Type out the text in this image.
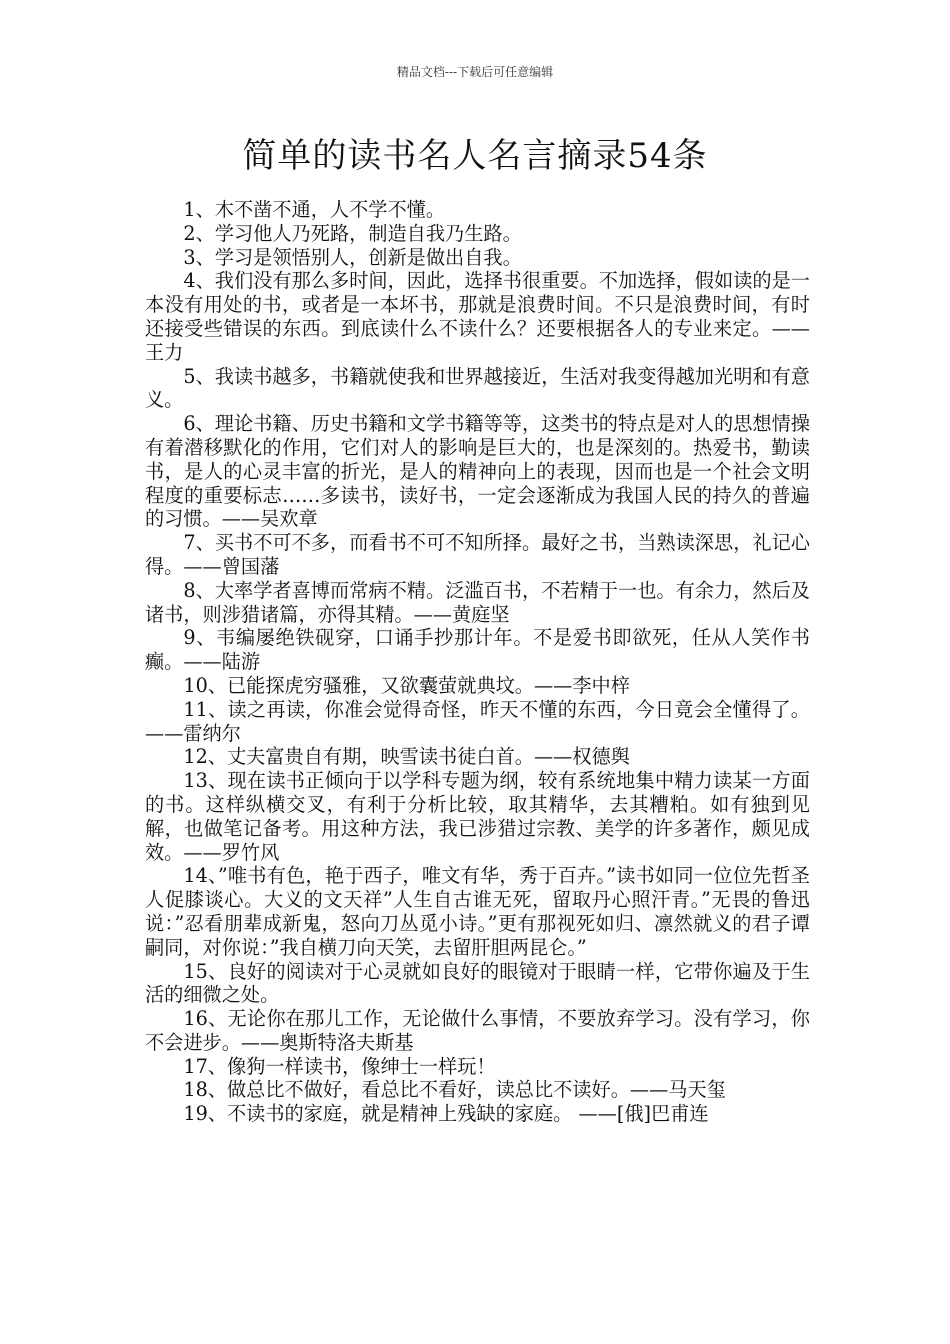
精品文档---下载后可任意编辑
简单的读书名人名言摘录54条

1、木不凿不通，人不学不懂。

2、学习他人乃死路，制造自我乃生路。

3、学习是领悟别人，创新是做出自我。

4、我们没有那么多时间，因此，选择书很重要。不加选择，假如读的是一本没有用处的书，或者是一本坏书，那就是浪费时间。不只是浪费时间，有时还接受些错误的东西。到底读什么不读什么？还要根据各人的专业来定。——王力

5、我读书越多，书籍就使我和世界越接近，生活对我变得越加光明和有意义。

6、理论书籍、历史书籍和文学书籍等等，这类书的特点是对人的思想情操有着潜移默化的作用，它们对人的影响是巨大的，也是深刻的。热爱书，勤读书，是人的心灵丰富的折光，是人的精神向上的表现，因而也是一个社会文明程度的重要标志……多读书，读好书，一定会逐渐成为我国人民的持久的普遍的习惯。——吴欢章

7、买书不可不多，而看书不可不知所择。最好之书，当熟读深思，礼记心得。——曾国藩

8、大率学者喜博而常病不精。泛滥百书，不若精于一也。有余力，然后及诸书，则涉猎诸篇，亦得其精。——黄庭坚

9、韦编屡绝铁砚穿，口诵手抄那计年。不是爱书即欲死，任从人笑作书癫。——陆游

10、已能探虎穷骚雅，又欲囊萤就典坟。——李中梓

11、读之再读，你准会觉得奇怪，昨天不懂的东西，今日竟会全懂得了。——雷纳尔

12、丈夫富贵自有期，映雪读书徒白首。——权德舆

13、现在读书正倾向于以学科专题为纲，较有系统地集中精力读某一方面的书。这样纵横交叉，有利于分析比较，取其精华，去其糟粕。如有独到见解，也做笔记备考。用这种方法，我已涉猎过宗教、美学的许多著作，颇见成效。——罗竹风

14、”唯书有色，艳于西子，唯文有华，秀于百卉。”读书如同一位位先哲圣人促膝谈心。大义的文天祥”人生自古谁无死，留取丹心照汗青。”无畏的鲁迅说：”忍看朋辈成新鬼，怒向刀丛觅小诗。”更有那视死如归、凛然就义的君子谭嗣同，对你说：”我自横刀向天笑，去留肝胆两昆仑。”

15、良好的阅读对于心灵就如良好的眼镜对于眼睛一样，它带你遍及于生活的细微之处。

16、无论你在那儿工作，无论做什么事情，不要放弃学习。没有学习，你不会进步。——奥斯特洛夫斯基

17、像狗一样读书，像绅士一样玩！

18、做总比不做好，看总比不看好，读总比不读好。——马天玺

19、不读书的家庭，就是精神上残缺的家庭。 ——[俄]巴甫连
